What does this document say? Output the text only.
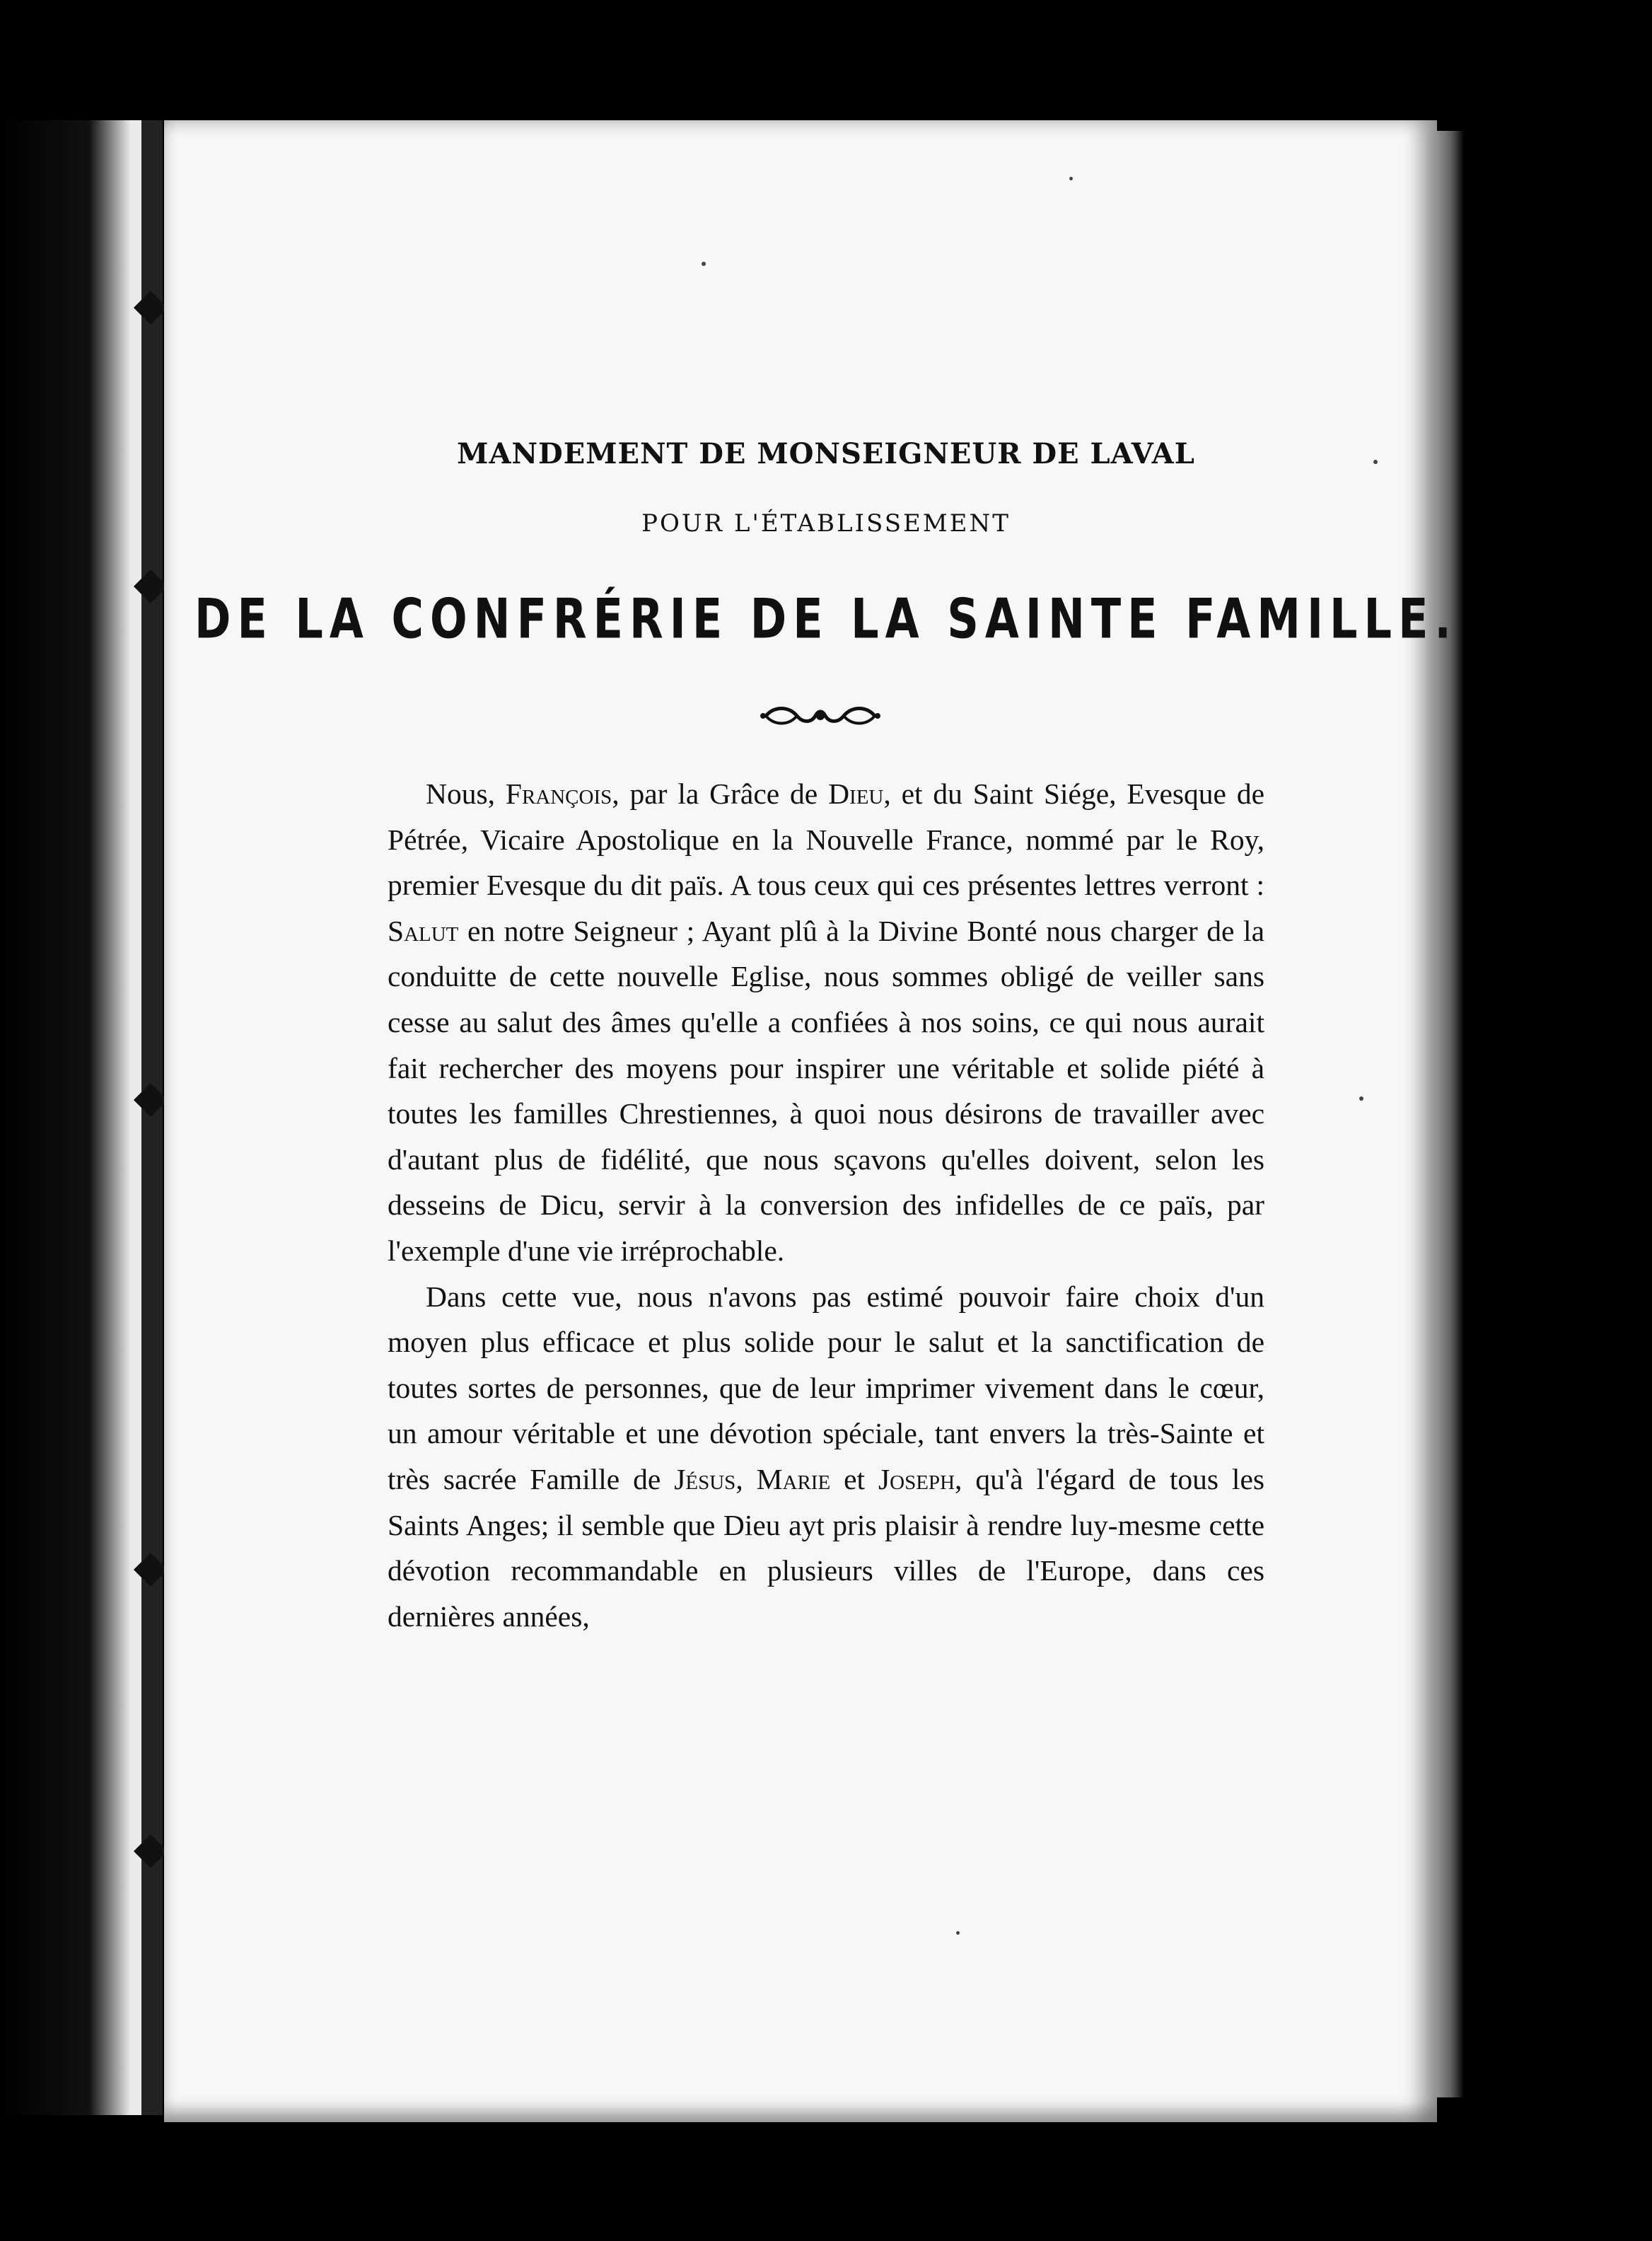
MANDEMENT DE MONSEIGNEUR DE LAVAL
POUR L'ÉTABLISSEMENT
DE LA CONFRÉRIE DE LA SAINTE FAMILLE.

Nous, François, par la Grâce de Dieu, et du Saint Siége, Evesque de Pétrée, Vicaire Apostolique en la Nouvelle France, nommé par le Roy, premier Evesque du dit païs. A tous ceux qui ces présentes lettres verront : Salut en notre Seigneur ; Ayant plû à la Divine Bonté nous charger de la conduitte de cette nouvelle Eglise, nous sommes obligé de veiller sans cesse au salut des âmes qu'elle a confiées à nos soins, ce qui nous aurait fait rechercher des moyens pour inspirer une véritable et solide piété à toutes les familles Chrestiennes, à quoi nous désirons de travailler avec d'autant plus de fidélité, que nous sçavons qu'elles doivent, selon les desseins de Dicu, servir à la conversion des infidelles de ce païs, par l'exemple d'une vie irréprochable.

Dans cette vue, nous n'avons pas estimé pouvoir faire choix d'un moyen plus efficace et plus solide pour le salut et la sanctification de toutes sortes de personnes, que de leur imprimer vivement dans le cœur, un amour véritable et une dévotion spéciale, tant envers la très-Sainte et très sacrée Famille de Jésus, Marie et Joseph, qu'à l'égard de tous les Saints Anges; il semble que Dieu ayt pris plaisir à rendre luy-mesme cette dévotion recommandable en plusieurs villes de l'Europe, dans ces dernières années,
